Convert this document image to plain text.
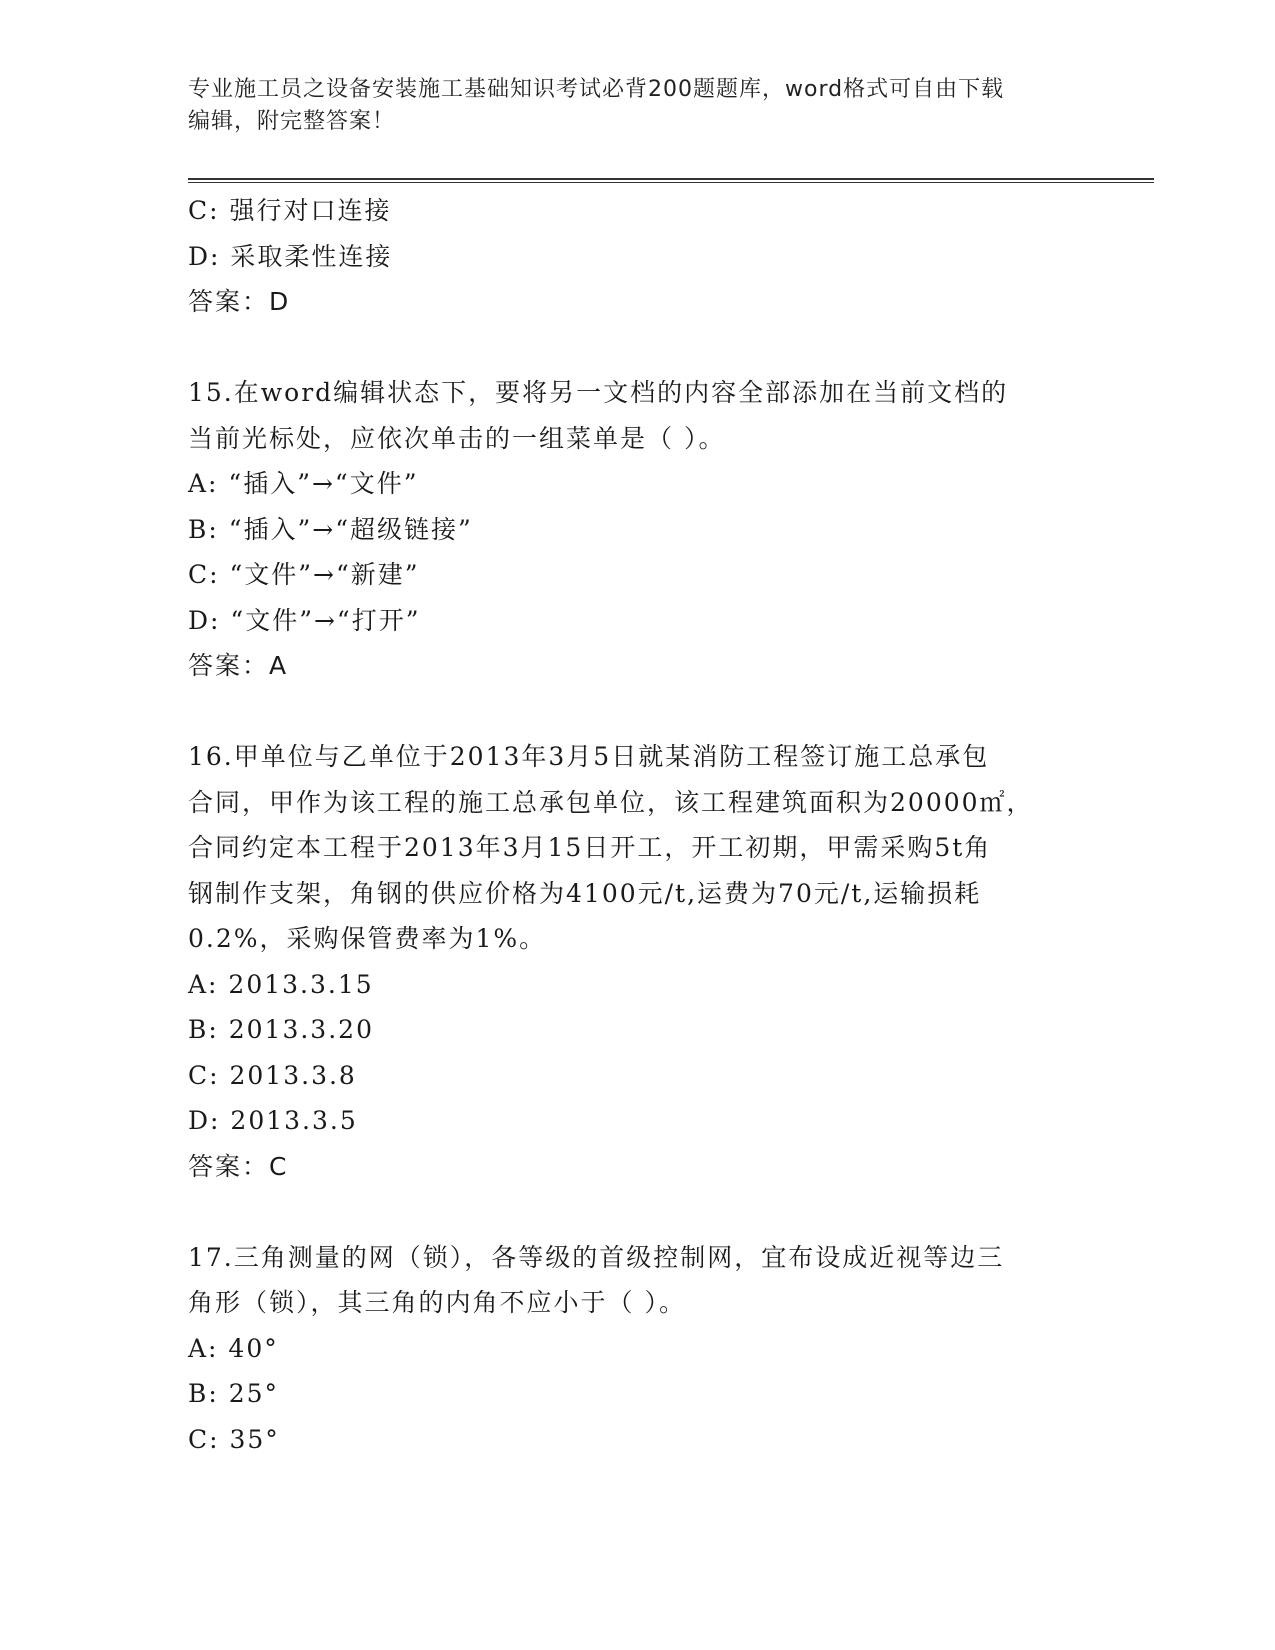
专业施工员之设备安装施工基础知识考试必背200题题库，word格式可自由下载
编辑，附完整答案！
C: 强行对口连接
D: 采取柔性连接
答案：D
15.在word编辑状态下，要将另一文档的内容全部添加在当前文档的
当前光标处，应依次单击的一组菜单是（ ）。
A: “插入”→“文件”
B: “插入”→“超级链接”
C: “文件”→“新建”
D: “文件”→“打开”
答案：A
16.甲单位与乙单位于2013年3月5日就某消防工程签订施工总承包
合同，甲作为该工程的施工总承包单位，该工程建筑面积为20000㎡，
合同约定本工程于2013年3月15日开工，开工初期，甲需采购5t角
钢制作支架，角钢的供应价格为4100元/t,运费为70元/t,运输损耗
0.2%，采购保管费率为1%。
A: 2013.3.15
B: 2013.3.20
C: 2013.3.8
D: 2013.3.5
答案：C
17.三角测量的网（锁），各等级的首级控制网，宜布设成近视等边三
角形（锁），其三角的内角不应小于（ ）。
A: 40°
B: 25°
C: 35°
